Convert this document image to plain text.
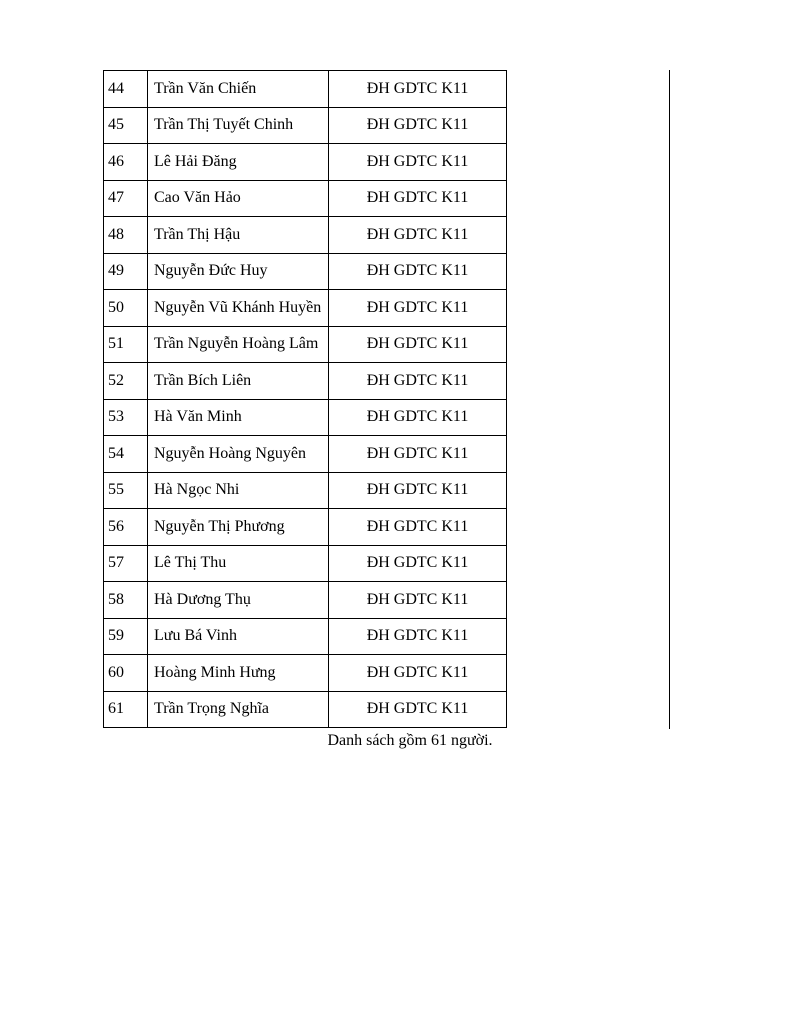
44	Trần Văn Chiến	ĐH GDTC K11
45	Trần Thị Tuyết Chinh	ĐH GDTC K11
46	Lê Hải Đăng	ĐH GDTC K11
47	Cao Văn Hảo	ĐH GDTC K11
48	Trần Thị Hậu	ĐH GDTC K11
49	Nguyễn Đức Huy	ĐH GDTC K11
50	Nguyễn Vũ Khánh Huyền	ĐH GDTC K11
51	Trần Nguyễn Hoàng Lâm	ĐH GDTC K11
52	Trần Bích Liên	ĐH GDTC K11
53	Hà Văn Minh	ĐH GDTC K11
54	Nguyễn Hoàng Nguyên	ĐH GDTC K11
55	Hà Ngọc Nhi	ĐH GDTC K11
56	Nguyễn Thị Phương	ĐH GDTC K11
57	Lê Thị Thu	ĐH GDTC K11
58	Hà Dương Thụ	ĐH GDTC K11
59	Lưu Bá Vinh	ĐH GDTC K11
60	Hoàng Minh Hưng	ĐH GDTC K11
61	Trần Trọng Nghĩa	ĐH GDTC K11
Danh sách gồm 61 người.
